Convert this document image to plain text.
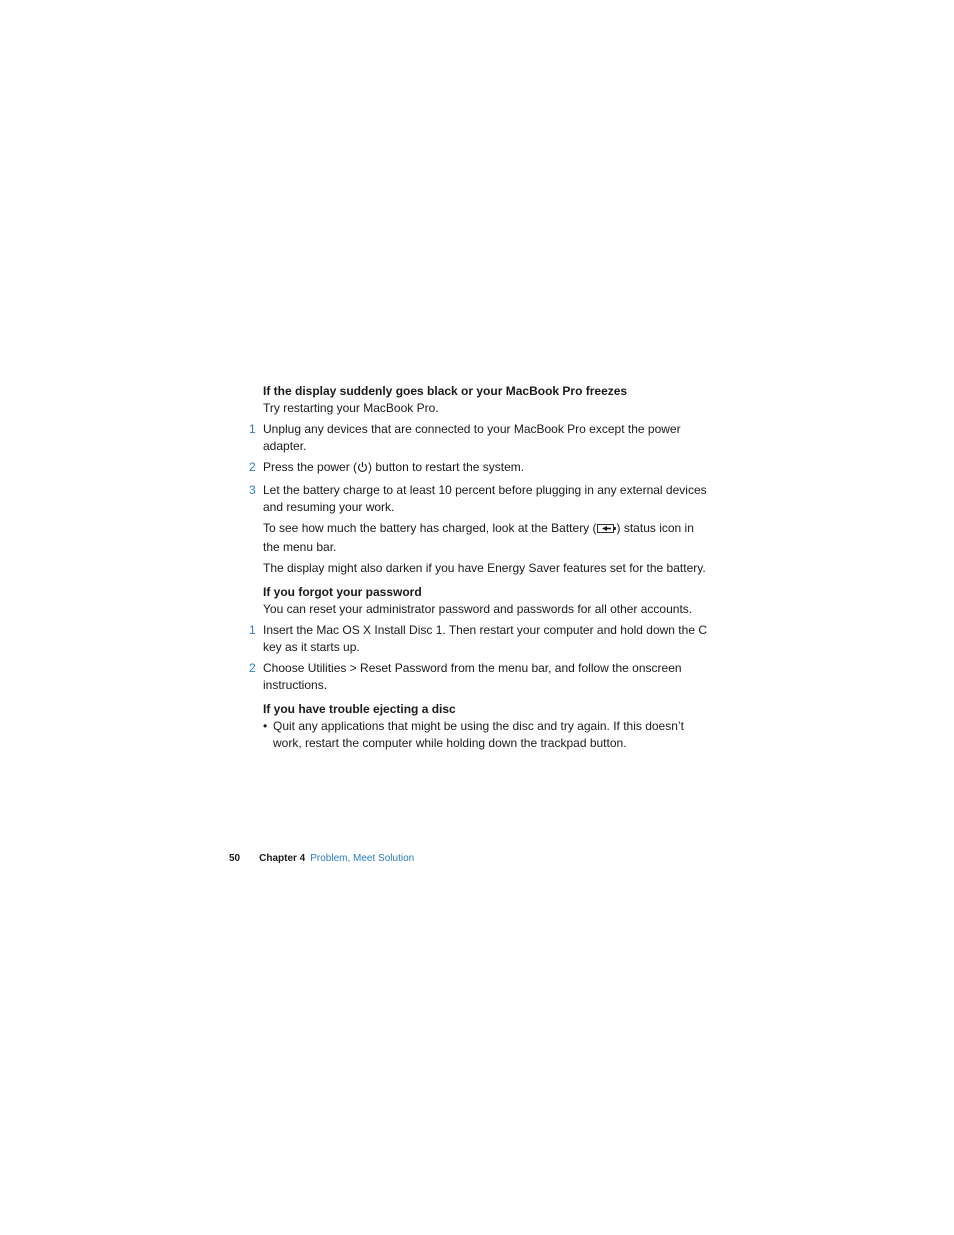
If the display suddenly goes black or your MacBook Pro freezes

Try restarting your MacBook Pro.

1 Unplug any devices that are connected to your MacBook Pro except the power adapter.
2 Press the power ( ) button to restart the system.
3 Let the battery charge to at least 10 percent before plugging in any external devices and resuming your work.

To see how much the battery has charged, look at the Battery ( ) status icon in the menu bar.

The display might also darken if you have Energy Saver features set for the battery.

If you forgot your password

You can reset your administrator password and passwords for all other accounts.

1 Insert the Mac OS X Install Disc 1. Then restart your computer and hold down the C key as it starts up.
2 Choose Utilities > Reset Password from the menu bar, and follow the onscreen instructions.

If you have trouble ejecting a disc

• Quit any applications that might be using the disc and try again. If this doesn’t work, restart the computer while holding down the trackpad button.
50 Chapter 4 Problem, Meet Solution
